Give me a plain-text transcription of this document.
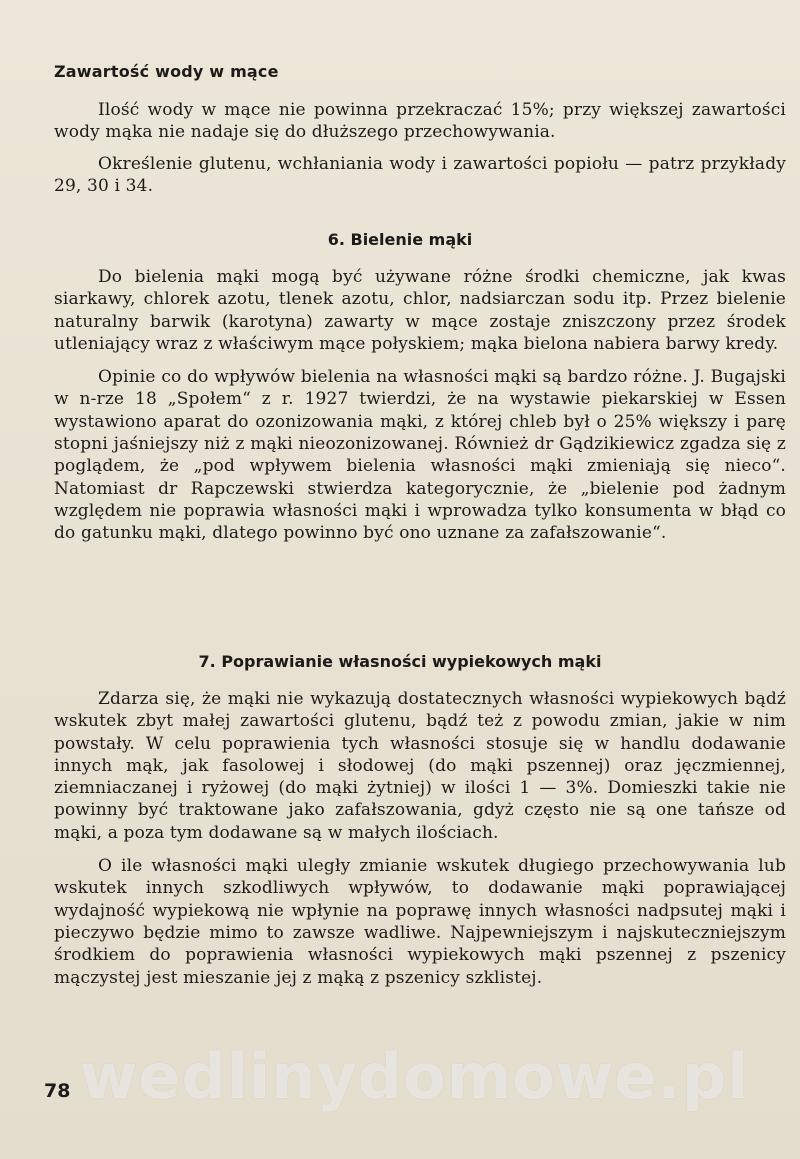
Zawartość wody w mące

Ilość wody w mące nie powinna przekraczać 15%; przy większej zawartości wody mąka nie nadaje się do dłuższego przechowywania.

Określenie glutenu, wchłaniania wody i zawartości popiołu — patrz przykłady 29, 30 i 34.

6. Bielenie mąki

Do bielenia mąki mogą być używane różne środki chemiczne, jak kwas siarkawy, chlorek azotu, tlenek azotu, chlor, nadsiarczan sodu itp. Przez bielenie naturalny barwik (karotyna) zawarty w mące zostaje zniszczony przez środek utleniający wraz z właściwym mące połyskiem; mąka bielona nabiera barwy kredy.

Opinie co do wpływów bielenia na własności mąki są bardzo różne. J. Bugajski w n-rze 18 „Społem“ z r. 1927 twierdzi, że na wystawie piekarskiej w Essen wystawiono aparat do ozonizowania mąki, z której chleb był o 25% większy i parę stopni jaśniejszy niż z mąki nieozonizowanej. Również dr Gądzikiewicz zgadza się z poglądem, że „pod wpływem bielenia własności mąki zmieniają się nieco“. Natomiast dr Rapczewski stwierdza kategorycznie, że „bielenie pod żadnym względem nie poprawia własności mąki i wprowadza tylko konsumenta w błąd co do gatunku mąki, dlatego powinno być ono uznane za zafałszowanie“.

7. Poprawianie własności wypiekowych mąki

Zdarza się, że mąki nie wykazują dostatecznych własności wypiekowych bądź wskutek zbyt małej zawartości glutenu, bądź też z powodu zmian, jakie w nim powstały. W celu poprawienia tych własności stosuje się w handlu dodawanie innych mąk, jak fasolowej i słodowej (do mąki pszennej) oraz jęczmiennej, ziemniaczanej i ryżowej (do mąki żytniej) w ilości 1 — 3%. Domieszki takie nie powinny być traktowane jako zafałszowania, gdyż często nie są one tańsze od mąki, a poza tym dodawane są w małych ilościach.

O ile własności mąki uległy zmianie wskutek długiego przechowywania lub wskutek innych szkodliwych wpływów, to dodawanie mąki poprawiającej wydajność wypiekową nie wpłynie na poprawę innych własności nadpsutej mąki i pieczywo będzie mimo to zawsze wadliwe. Najpewniejszym i najskuteczniejszym środkiem do poprawienia własności wypiekowych mąki pszennej z pszenicy mączystej jest mieszanie jej z mąką z pszenicy szklistej.

wedlinydomowe.pl
78
